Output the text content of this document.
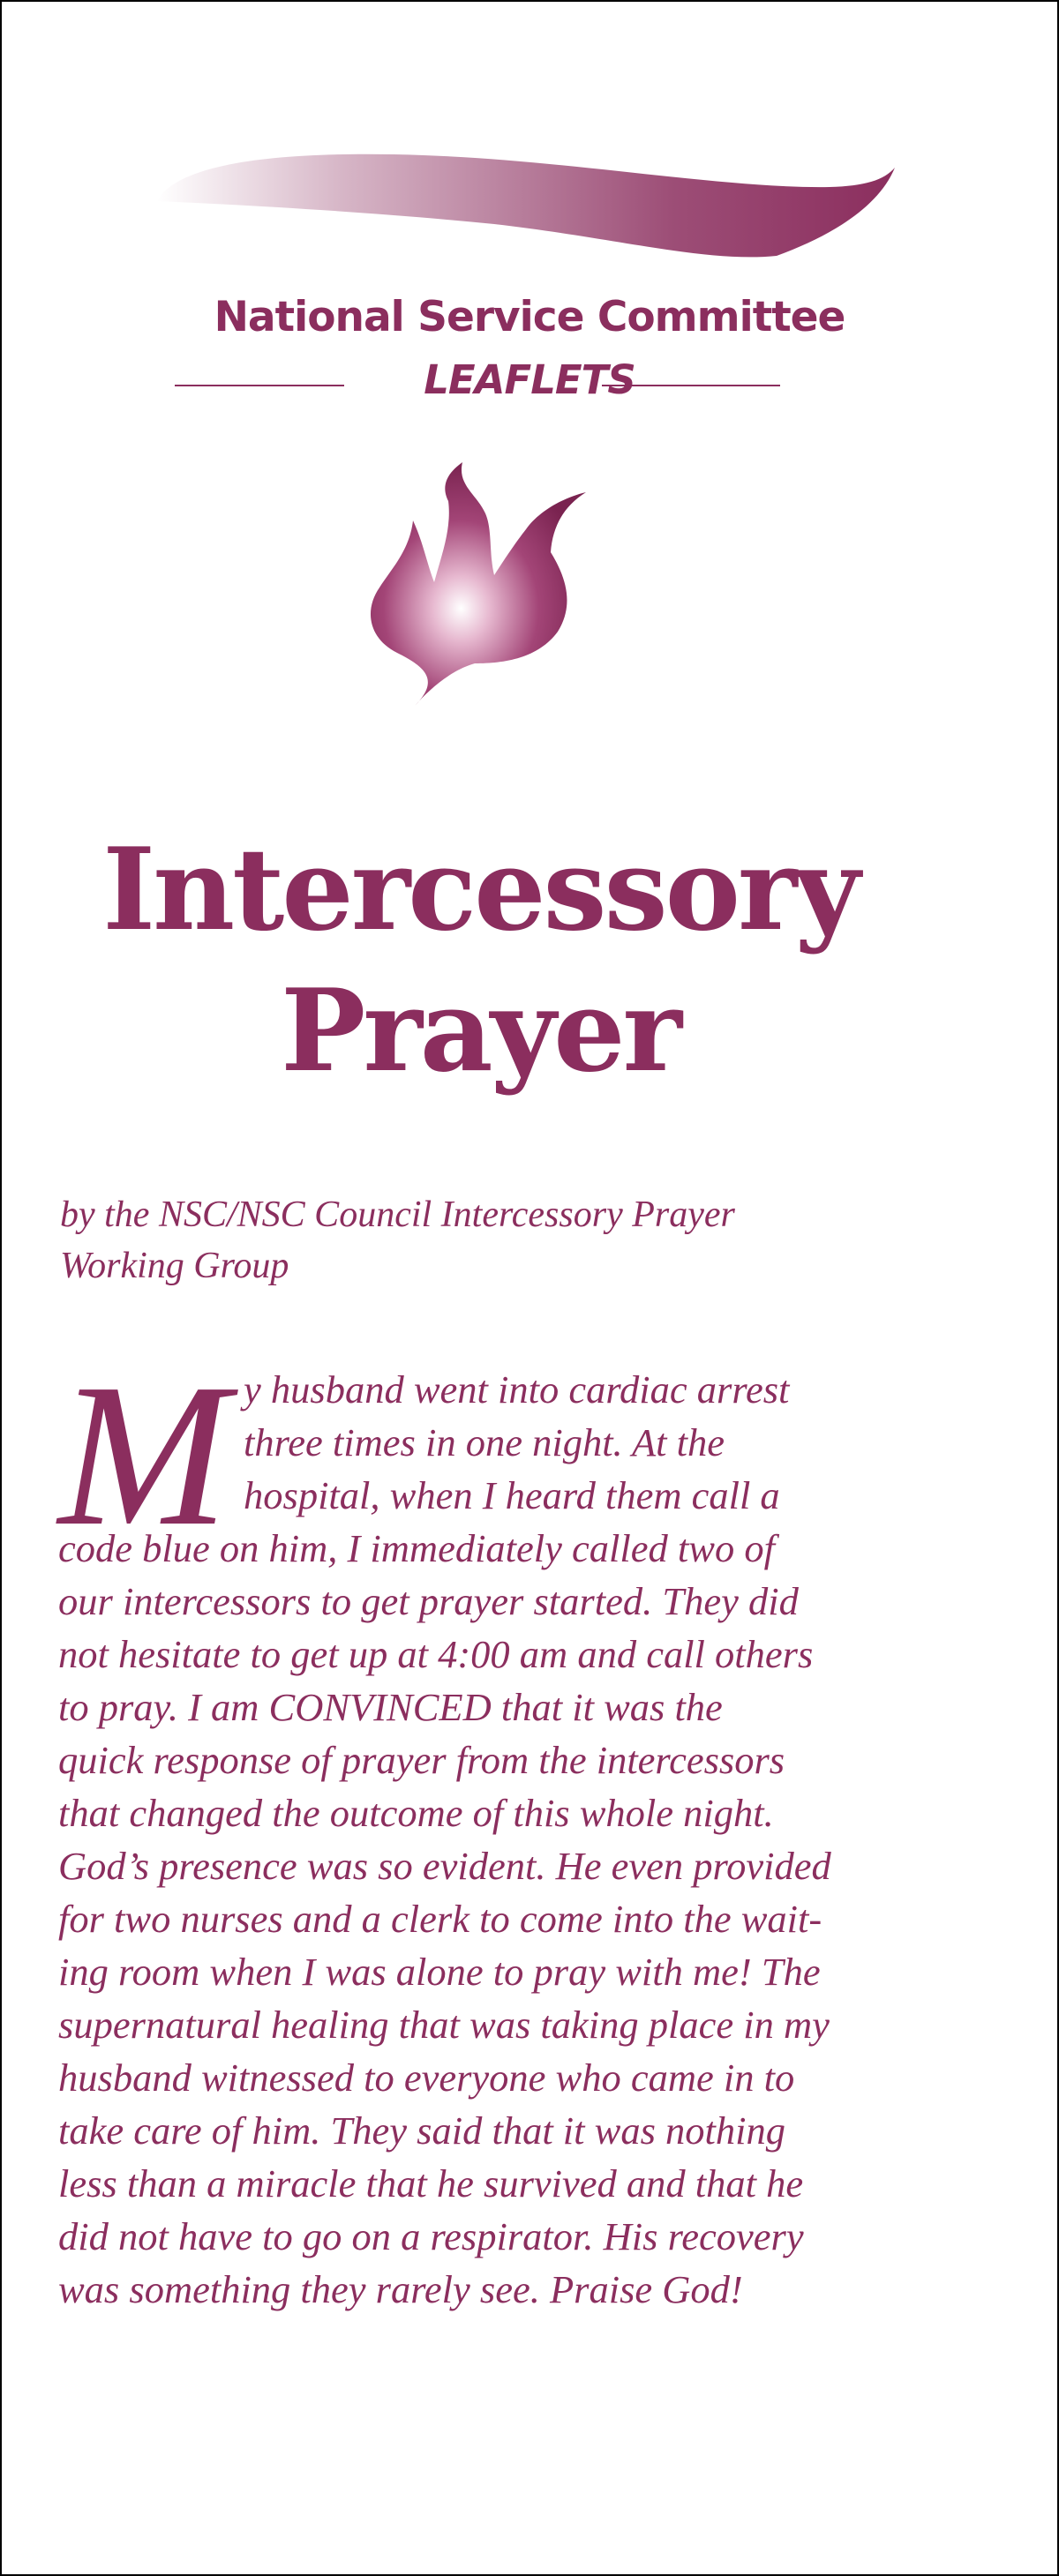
National Service Committee
LEAFLETS
Intercessory
Prayer
by the NSC/NSC Council Intercessory Prayer
Working Group
M y husband went into cardiac arrest
three times in one night. At the
hospital, when I heard them call a
code blue on him, I immediately called two of
our intercessors to get prayer started. They did
not hesitate to get up at 4:00 am and call others
to pray. I am CONVINCED that it was the
quick response of prayer from the intercessors
that changed the outcome of this whole night.
God’s presence was so evident. He even provided
for two nurses and a clerk to come into the wait-
ing room when I was alone to pray with me! The
supernatural healing that was taking place in my
husband witnessed to everyone who came in to
take care of him. They said that it was nothing
less than a miracle that he survived and that he
did not have to go on a respirator. His recovery
was something they rarely see. Praise God!
